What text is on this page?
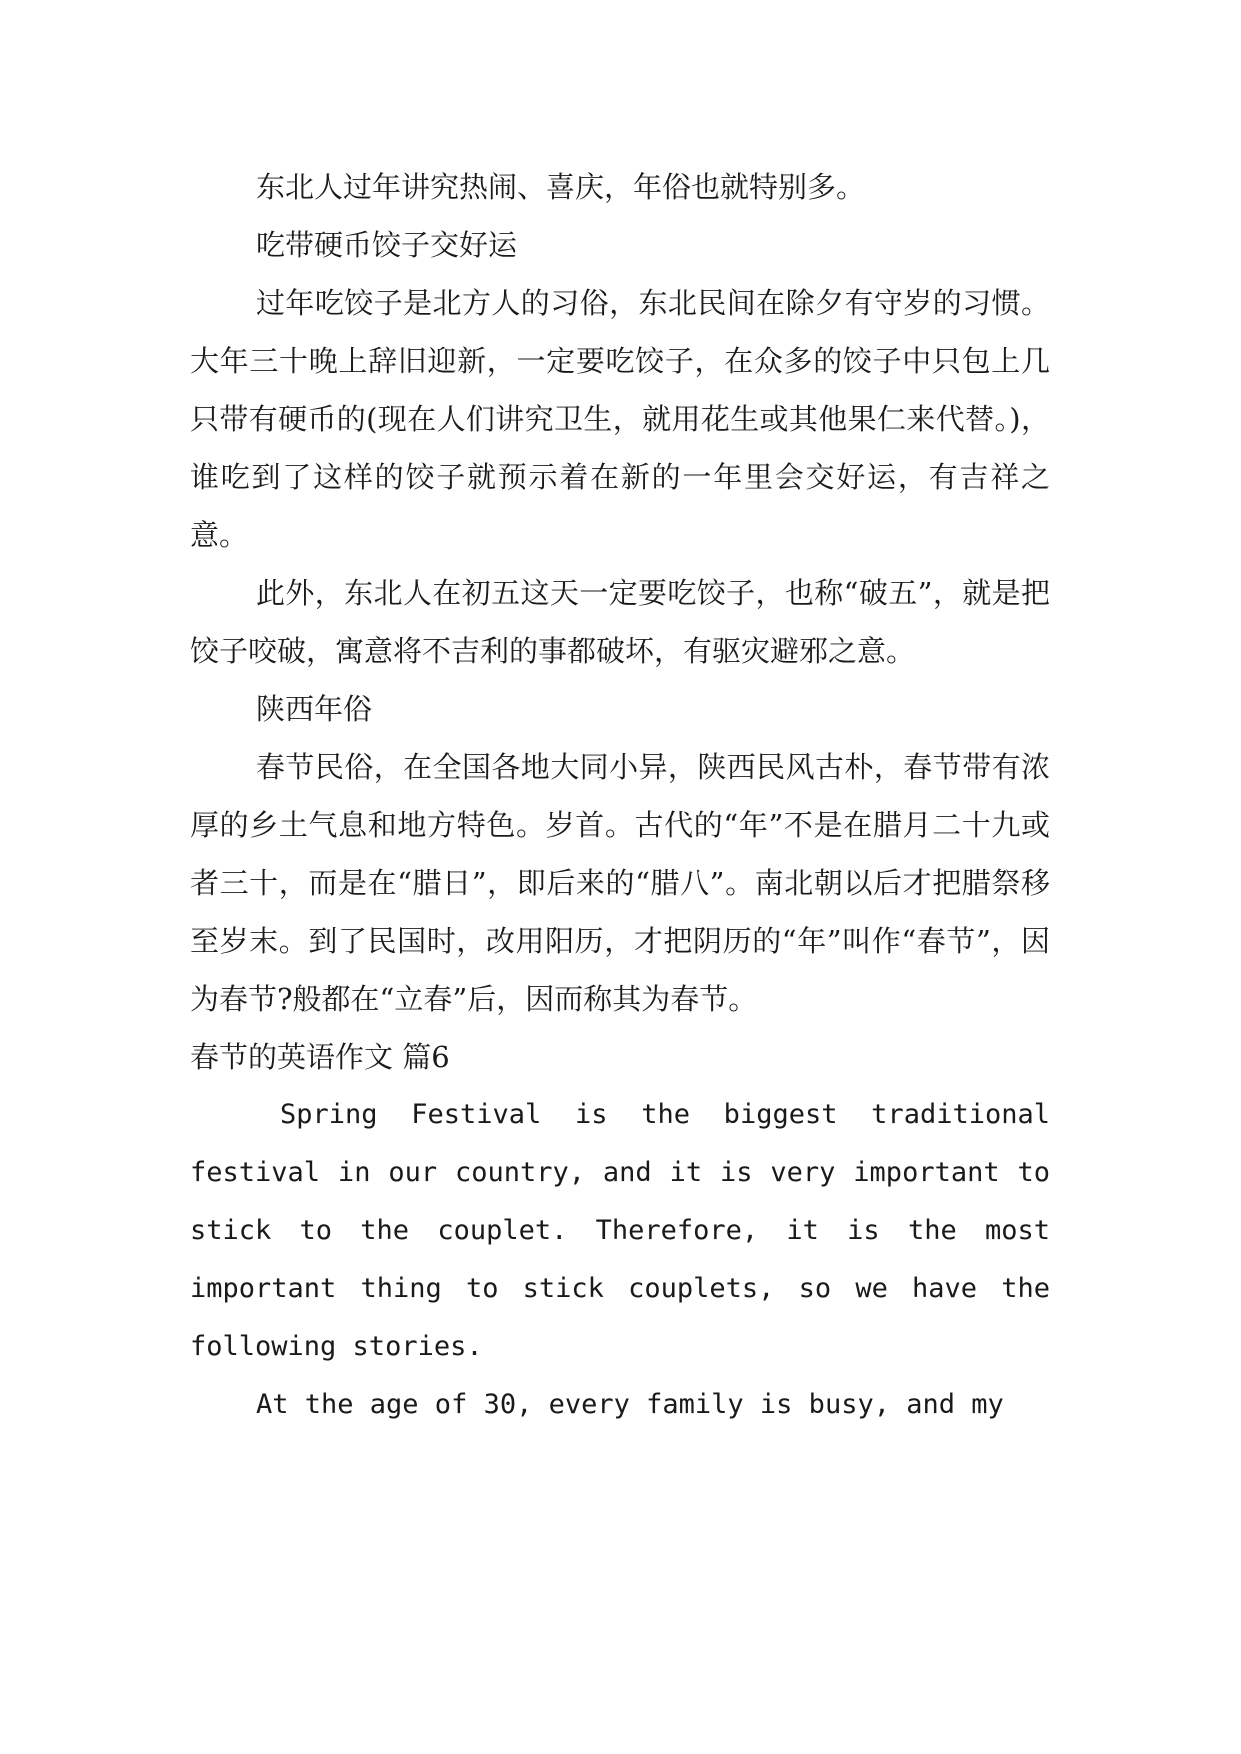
东北人过年讲究热闹、喜庆，年俗也就特别多。

吃带硬币饺子交好运

过年吃饺子是北方人的习俗，东北民间在除夕有守岁的习惯。大年三十晚上辞旧迎新，一定要吃饺子，在众多的饺子中只包上几只带有硬币的(现在人们讲究卫生，就用花生或其他果仁来代替。)，谁吃到了这样的饺子就预示着在新的一年里会交好运，有吉祥之意。

此外，东北人在初五这天一定要吃饺子，也称“破五”，就是把饺子咬破，寓意将不吉利的事都破坏，有驱灾避邪之意。

陕西年俗

春节民俗，在全国各地大同小异，陕西民风古朴，春节带有浓厚的乡土气息和地方特色。岁首。古代的“年”不是在腊月二十九或者三十，而是在“腊日”，即后来的“腊八”。南北朝以后才把腊祭移至岁末。到了民国时，改用阳历，才把阴历的“年”叫作“春节”，因为春节?般都在“立春”后，因而称其为春节。

春节的英语作文 篇6

Spring Festival is the biggest traditional festival in our country, and it is very important to stick to the couplet. Therefore, it is the most important thing to stick couplets, so we have the following stories.

At the age of 30, every family is busy, and my
